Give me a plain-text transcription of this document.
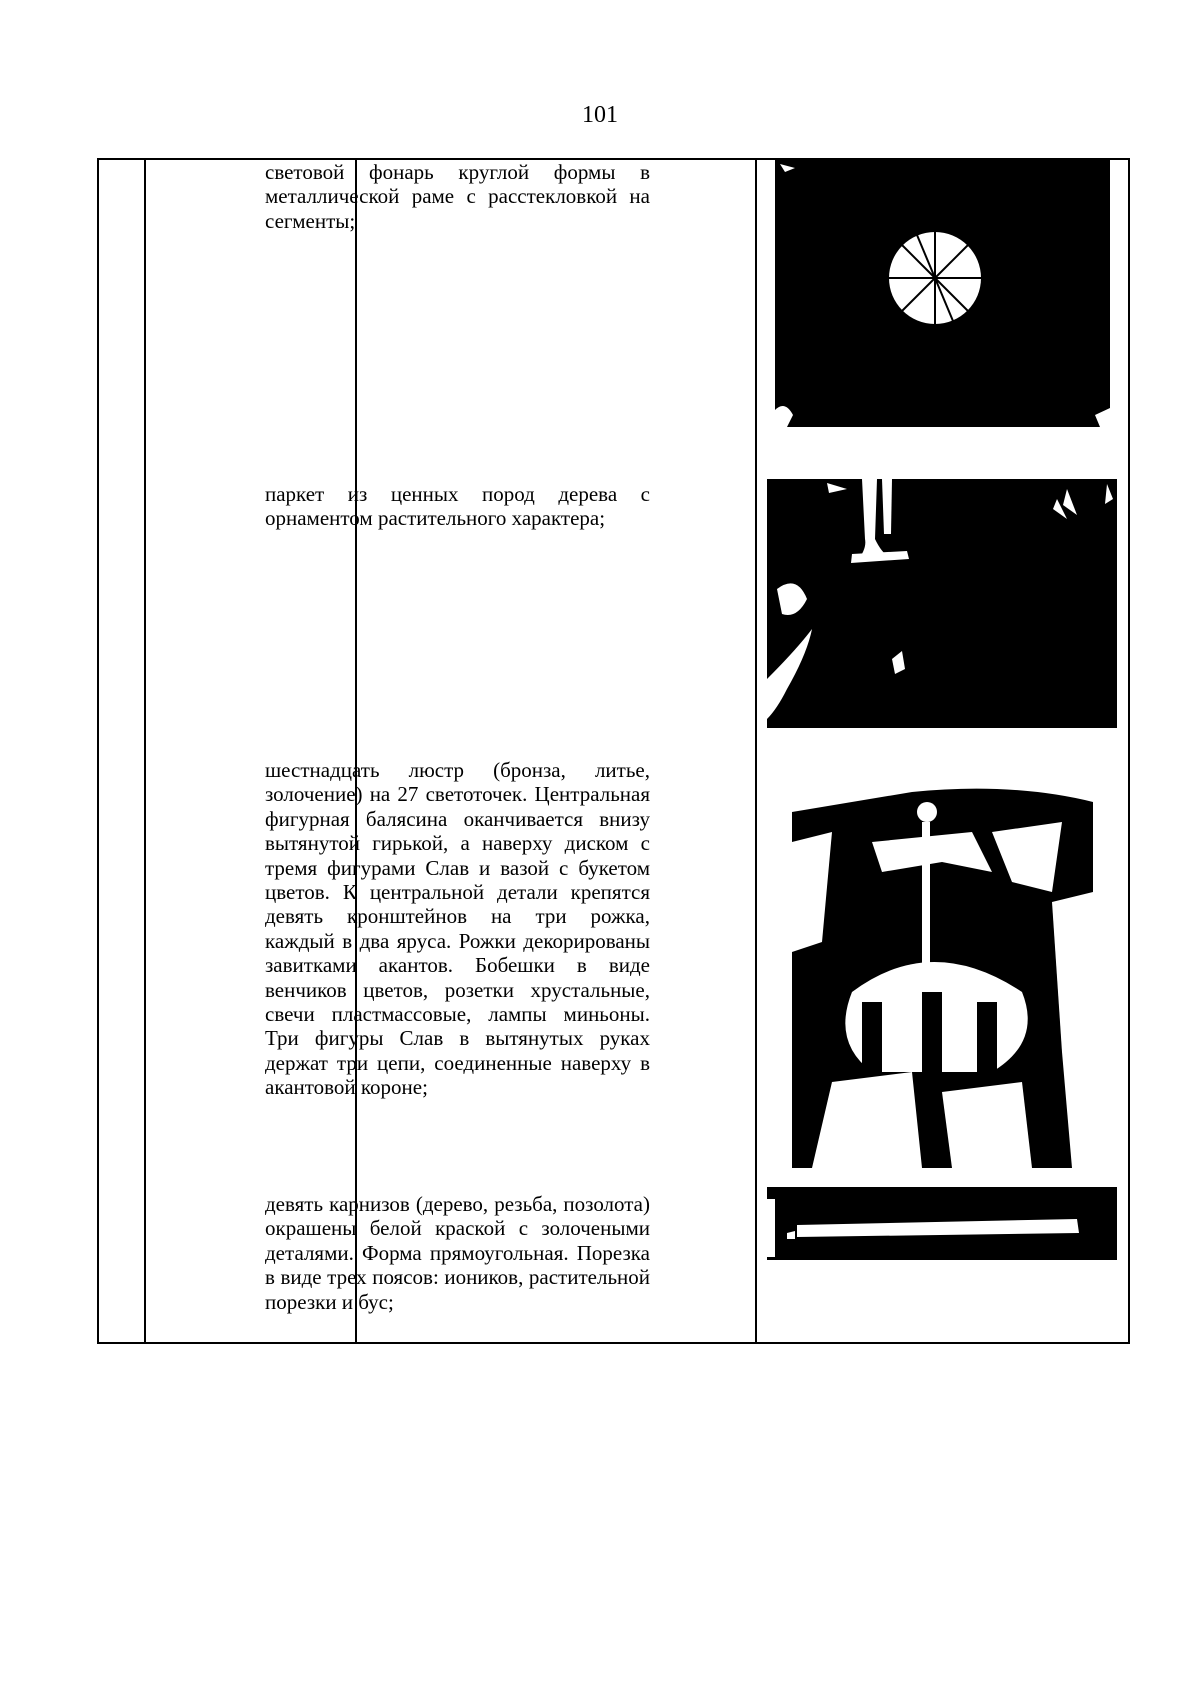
101
световой фонарь круглой формы в металлической раме с расстекловкой на сегменты;
паркет из ценных пород дерева с орнаментом растительного характера;
шестнадцать люстр (бронза, литье, золочение) на 27 светоточек. Центральная фигурная балясина оканчивается внизу вытянутой гирькой, а наверху диском с тремя фигурами Слав и вазой с букетом цветов. К центральной детали крепятся девять кронштейнов на три рожка, каждый в два яруса. Рожки декорированы завитками акантов. Бобешки в виде венчиков цветов, розетки хрустальные, свечи пластмассовые, лампы миньоны. Три фигуры Слав в вытянутых руках держат три цепи, соединенные наверху в акантовой короне;
девять карнизов (дерево, резьба, позолота) окрашены белой краской с золочеными деталями. Форма прямоугольная. Порезка в виде трех поясов: иоников, растительной порезки и бус;
